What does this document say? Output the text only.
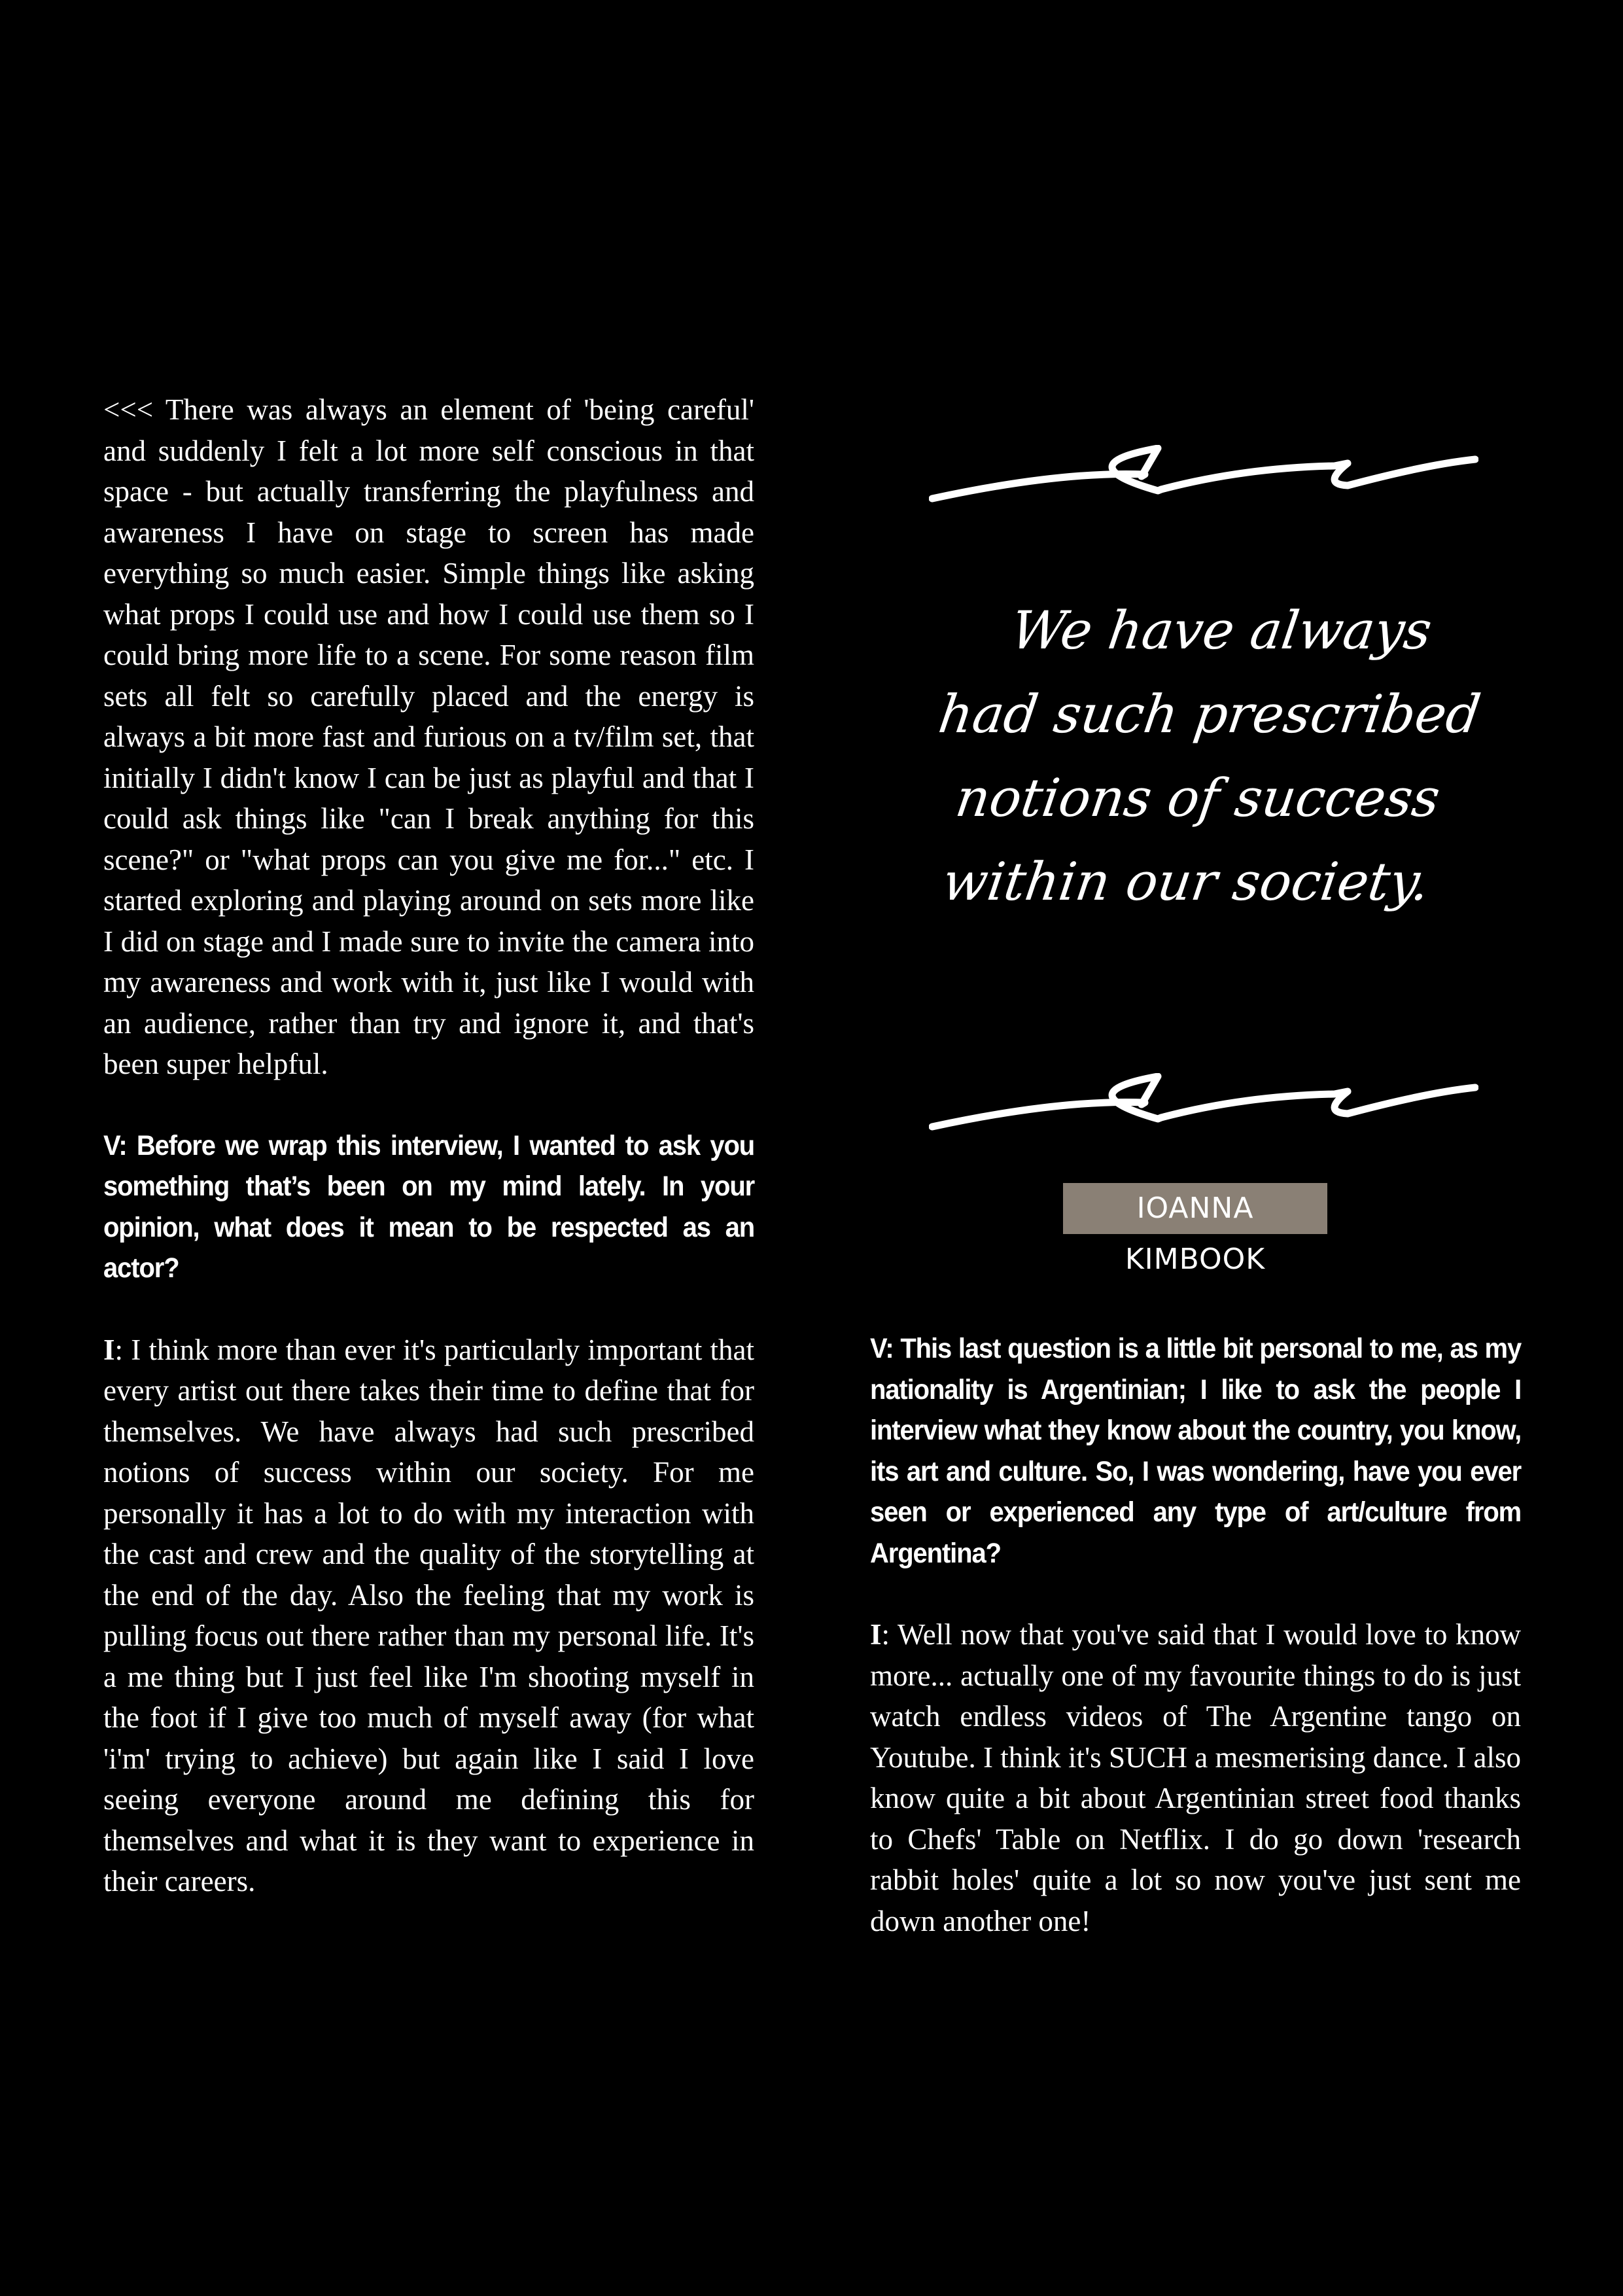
<<< There was always an element of 'being careful' and suddenly I felt a lot more self conscious in that space - but actually transferring the playfulness and awareness I have on stage to screen has made everything so much easier. Simple things like asking what props I could use and how I could use them so I could bring more life to a scene. For some reason film sets all felt so carefully placed and the energy is always a bit more fast and furious on a tv/film set, that initially I didn't know I can be just as playful and that I could ask things like "can I break anything for this scene?" or "what props can you give me for..." etc. I started exploring and playing around on sets more like I did on stage and I made sure to invite the camera into my awareness and work with it, just like I would with an audience, rather than try and ignore it, and that's been super helpful.

V: Before we wrap this interview, I wanted to ask you something that’s been on my mind lately. In your opinion, what does it mean to be respected as an actor?

I: I think more than ever it's particularly important that every artist out there takes their time to define that for themselves. We have always had such prescribed notions of success within our society. For me personally it has a lot to do with my interaction with the cast and crew and the quality of the storytelling at the end of the day. Also the feeling that my work is pulling focus out there rather than my personal life. It's a me thing but I just feel like I'm shooting myself in the foot if I give too much of myself away (for what 'i'm' trying to achieve) but again like I said I love seeing everyone around me defining this for themselves and what it is they want to experience in their careers.

We have always
had such prescribed
notions of success
within our society.

IOANNA KIMBOOK

V: This last question is a little bit personal to me, as my nationality is Argentinian; I like to ask the people I interview what they know about the country, you know, its art and culture. So, I was wondering, have you ever seen or experienced any type of art/culture from Argentina?

I: Well now that you've said that I would love to know more... actually one of my favourite things to do is just watch endless videos of The Argentine tango on Youtube. I think it's SUCH a mesmerising dance. I also know quite a bit about Argentinian street food thanks to Chefs' Table on Netflix. I do go down 'research rabbit holes' quite a lot so now you've just sent me down another one!
